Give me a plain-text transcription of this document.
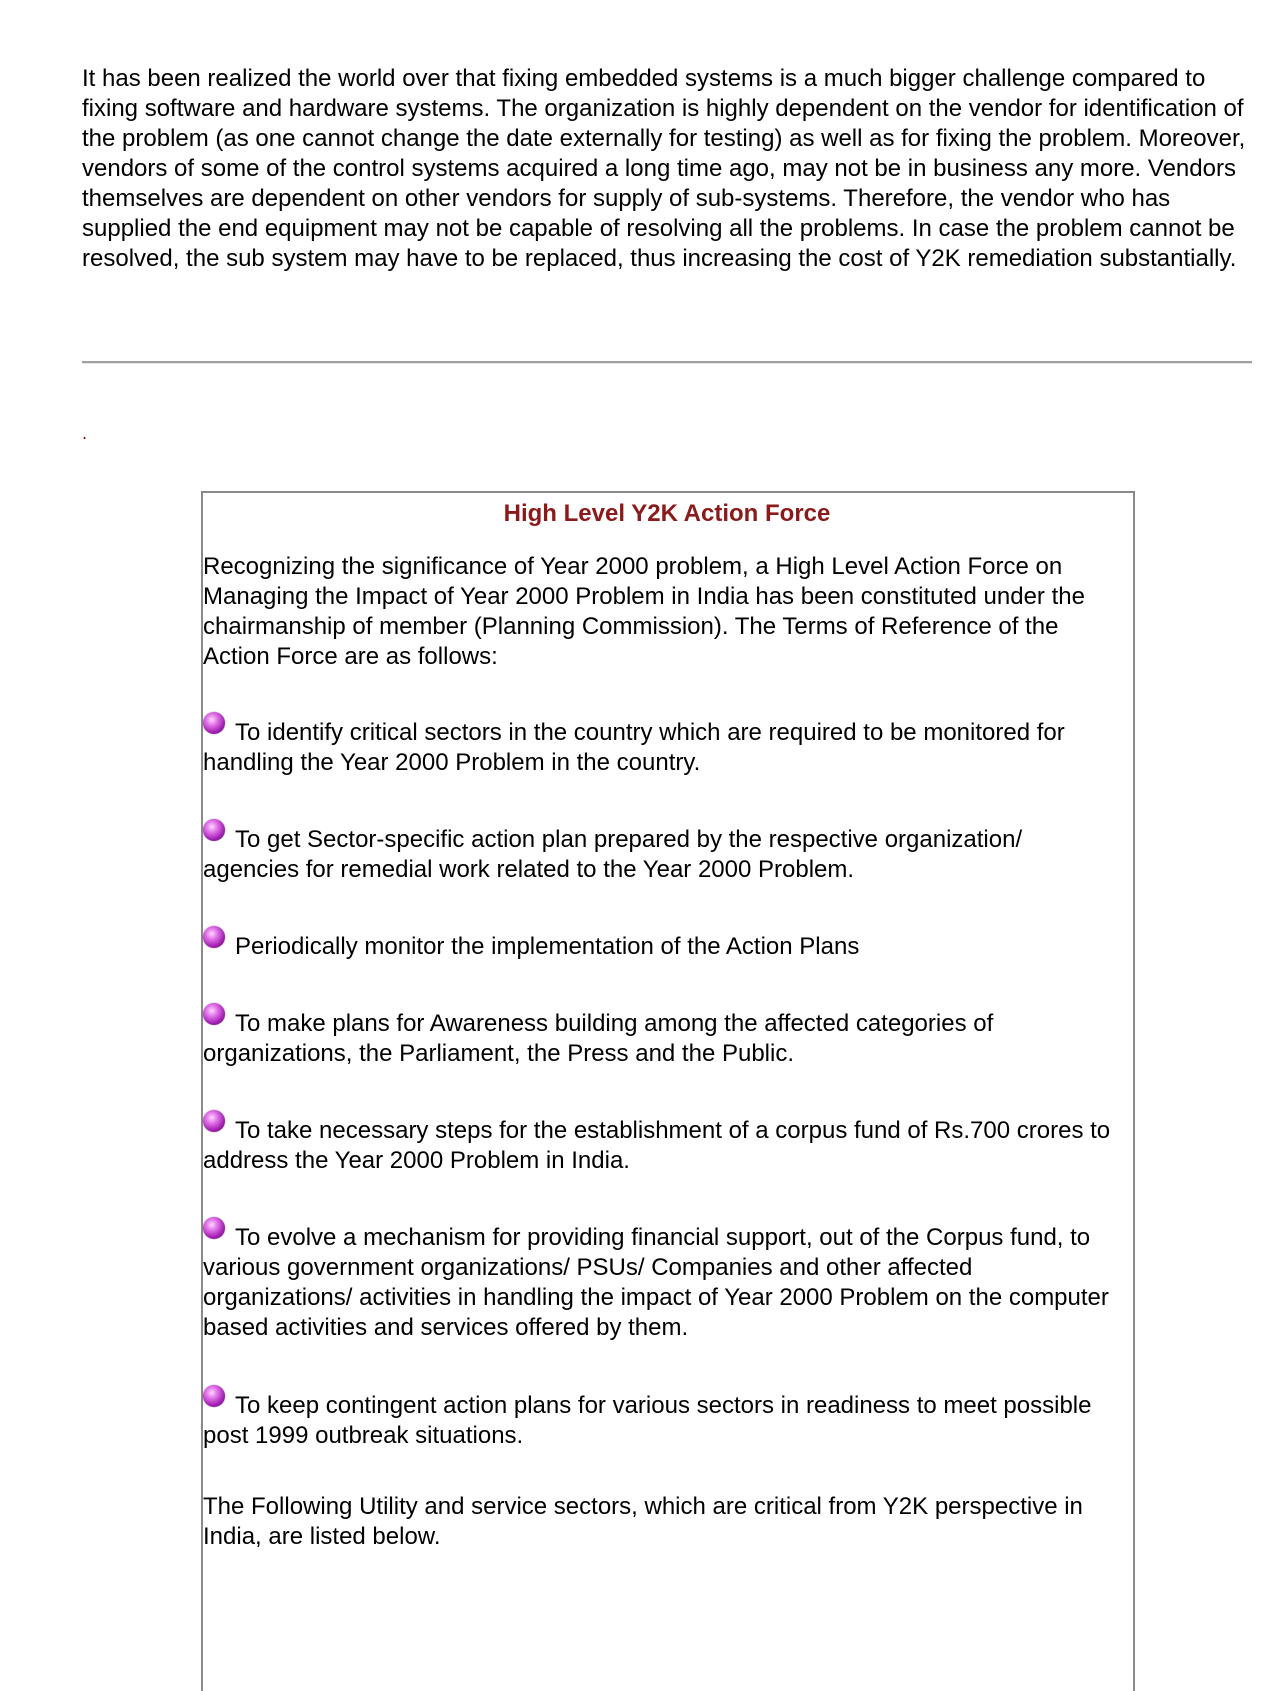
It has been realized the world over that fixing embedded systems is a much bigger challenge compared to fixing software and hardware systems. The organization is highly dependent on the vendor for identification of the problem (as one cannot change the date externally for testing) as well as for fixing the problem. Moreover, vendors of some of the control systems acquired a long time ago, may not be in business any more. Vendors themselves are dependent on other vendors for supply of sub-systems. Therefore, the vendor who has supplied the end equipment may not be capable of resolving all the problems. In case the problem cannot be resolved, the sub system may have to be replaced, thus increasing the cost of Y2K remediation substantially.

.
High Level Y2K Action Force

Recognizing the significance of Year 2000 problem, a High Level Action Force on Managing the Impact of Year 2000 Problem in India has been constituted under the chairmanship of member (Planning Commission). The Terms of Reference of the Action Force are as follows:

To identify critical sectors in the country which are required to be monitored for handling the Year 2000 Problem in the country.

To get Sector-specific action plan prepared by the respective organization/ agencies for remedial work related to the Year 2000 Problem.

Periodically monitor the implementation of the Action Plans

To make plans for Awareness building among the affected categories of organizations, the Parliament, the Press and the Public.

To take necessary steps for the establishment of a corpus fund of Rs.700 crores to address the Year 2000 Problem in India.

To evolve a mechanism for providing financial support, out of the Corpus fund, to various government organizations/ PSUs/ Companies and other affected organizations/ activities in handling the impact of Year 2000 Problem on the computer based activities and services offered by them.

To keep contingent action plans for various sectors in readiness to meet possible post 1999 outbreak situations.

The Following Utility and service sectors, which are critical from Y2K perspective in India, are listed below.
